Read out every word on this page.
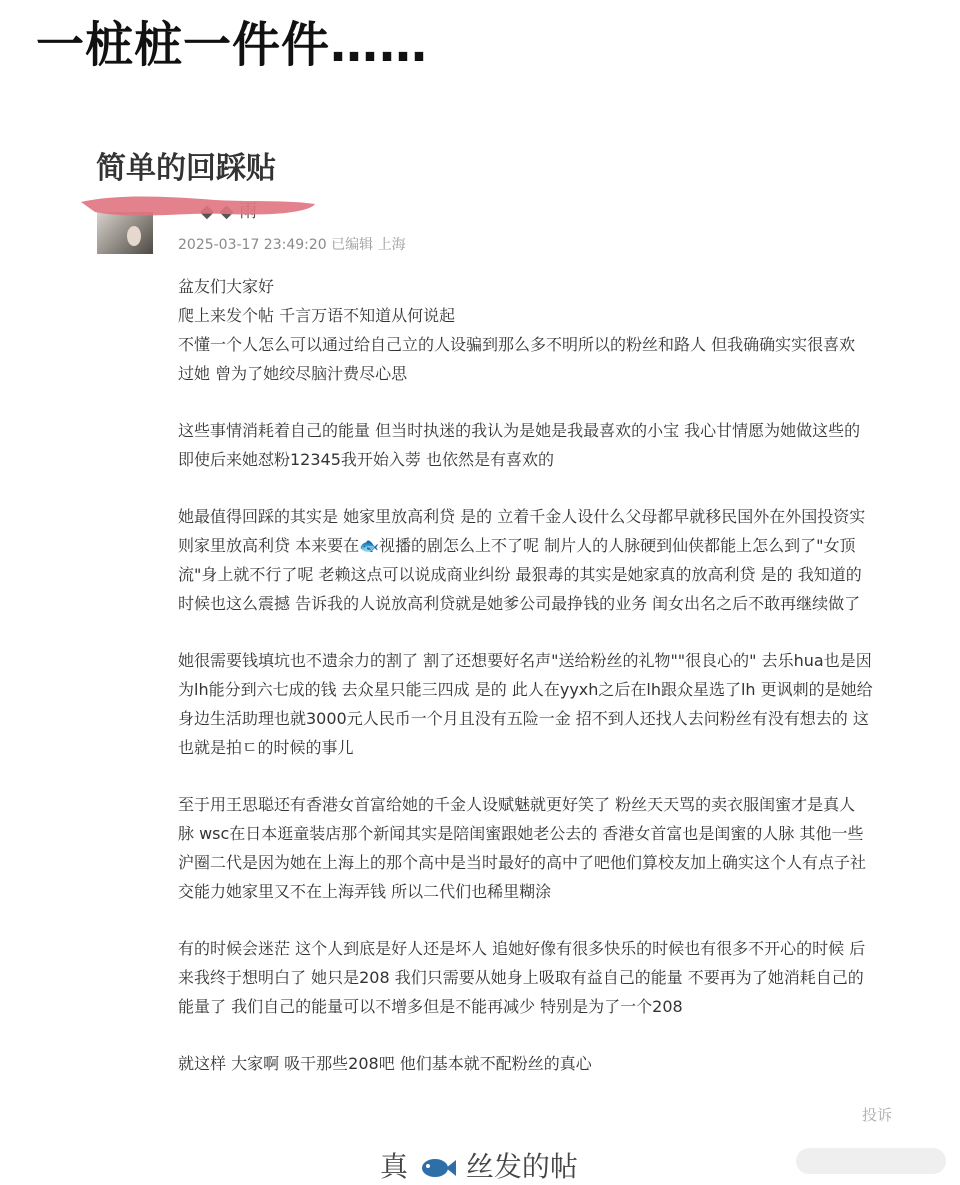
一桩桩一件件……
简单的回踩贴
2025-03-17 23:49:20 已编辑 上海

盆友们大家好
爬上来发个帖 千言万语不知道从何说起
不懂一个人怎么可以通过给自己立的人设骗到那么多不明所以的粉丝和路人 但我确确实实很喜欢
过她 曾为了她绞尽脑汁费尽心思

这些事情消耗着自己的能量 但当时执迷的我认为是她是我最喜欢的小宝 我心甘情愿为她做这些的
即使后来她怼粉12345我开始入蒡 也依然是有喜欢的

她最值得回踩的其实是 她家里放高利贷 是的 立着千金人设什么父母都早就移民国外在外国投资实
则家里放高利贷 本来要在🐟视播的剧怎么上不了呢 制片人的人脉硬到仙侠都能上怎么到了"女顶
流"身上就不行了呢 老赖这点可以说成商业纠纷 最狠毒的其实是她家真的放高利贷 是的 我知道的
时候也这么震撼 告诉我的人说放高利贷就是她爹公司最挣钱的业务 闺女出名之后不敢再继续做了

她很需要钱填坑也不遗余力的割了 割了还想要好名声"送给粉丝的礼物""很良心的" 去乐hua也是因
为lh能分到六七成的钱 去众星只能三四成 是的 此人在yyxh之后在lh跟众星选了lh 更讽刺的是她给
身边生活助理也就3000元人民币一个月且没有五险一金 招不到人还找人去问粉丝有没有想去的 这
也就是拍ㄷ的时候的事儿

至于用王思聪还有香港女首富给她的千金人设赋魅就更好笑了 粉丝天天骂的卖衣服闺蜜才是真人
脉 wsc在日本逛童装店那个新闻其实是陪闺蜜跟她老公去的 香港女首富也是闺蜜的人脉 其他一些
沪圈二代是因为她在上海上的那个高中是当时最好的高中了吧他们算校友加上确实这个人有点子社
交能力她家里又不在上海弄钱 所以二代们也稀里糊涂

有的时候会迷茫 这个人到底是好人还是坏人 追她好像有很多快乐的时候也有很多不开心的时候 后
来我终于想明白了 她只是208 我们只需要从她身上吸取有益自己的能量 不要再为了她消耗自己的
能量了 我们自己的能量可以不增多但是不能再减少 特别是为了一个208

就这样 大家啊 吸干那些208吧 他们基本就不配粉丝的真心

投诉
真 丝发的帖
